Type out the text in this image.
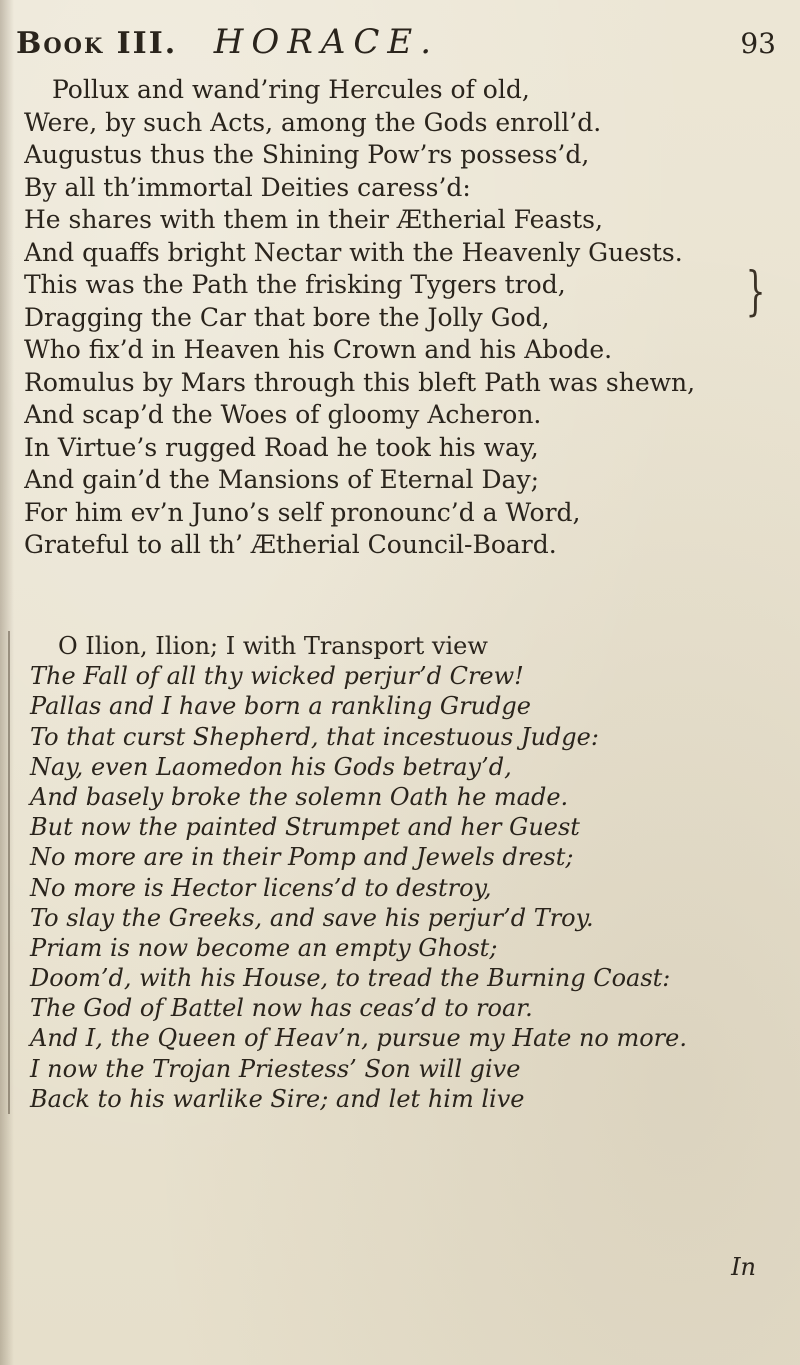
Book III. HORACE.	93
Pollux and wand’ring Hercules of old,
Were, by such Acts, among the Gods enroll’d.
Augustus thus the Shining Pow’rs possess’d,
By all th’immortal Deities caress’d:
He shares with them in their Ætherial Feasts,
And quaffs bright Nectar with the Heavenly Guests.
This was the Path the frisking Tygers trod,
Dragging the Car that bore the Jolly God,
Who fix’d in Heaven his Crown and his Abode.
Romulus by Mars through this bleft Path was shewn,
And scap’d the Woes of gloomy Acheron.
In Virtue’s rugged Road he took his way,
And gain’d the Mansions of Eternal Day;
For him ev’n Juno’s self pronounc’d a Word,
Grateful to all th’ Ætherial Council-Board.
}
O Ilion, Ilion; I with Transport view
The Fall of all thy wicked perjur’d Crew!
Pallas and I have born a rankling Grudge
To that curst Shepherd, that incestuous Judge:
Nay, even Laomedon his Gods betray’d,
And basely broke the solemn Oath he made.
But now the painted Strumpet and her Guest
No more are in their Pomp and Jewels drest;
No more is Hector licens’d to destroy,
To slay the Greeks, and save his perjur’d Troy.
Priam is now become an empty Ghost;
Doom’d, with his House, to tread the Burning Coast:
The God of Battel now has ceas’d to roar.
And I, the Queen of Heav’n, pursue my Hate no more.
I now the Trojan Priestess’ Son will give
Back to his warlike Sire; and let him live
In
